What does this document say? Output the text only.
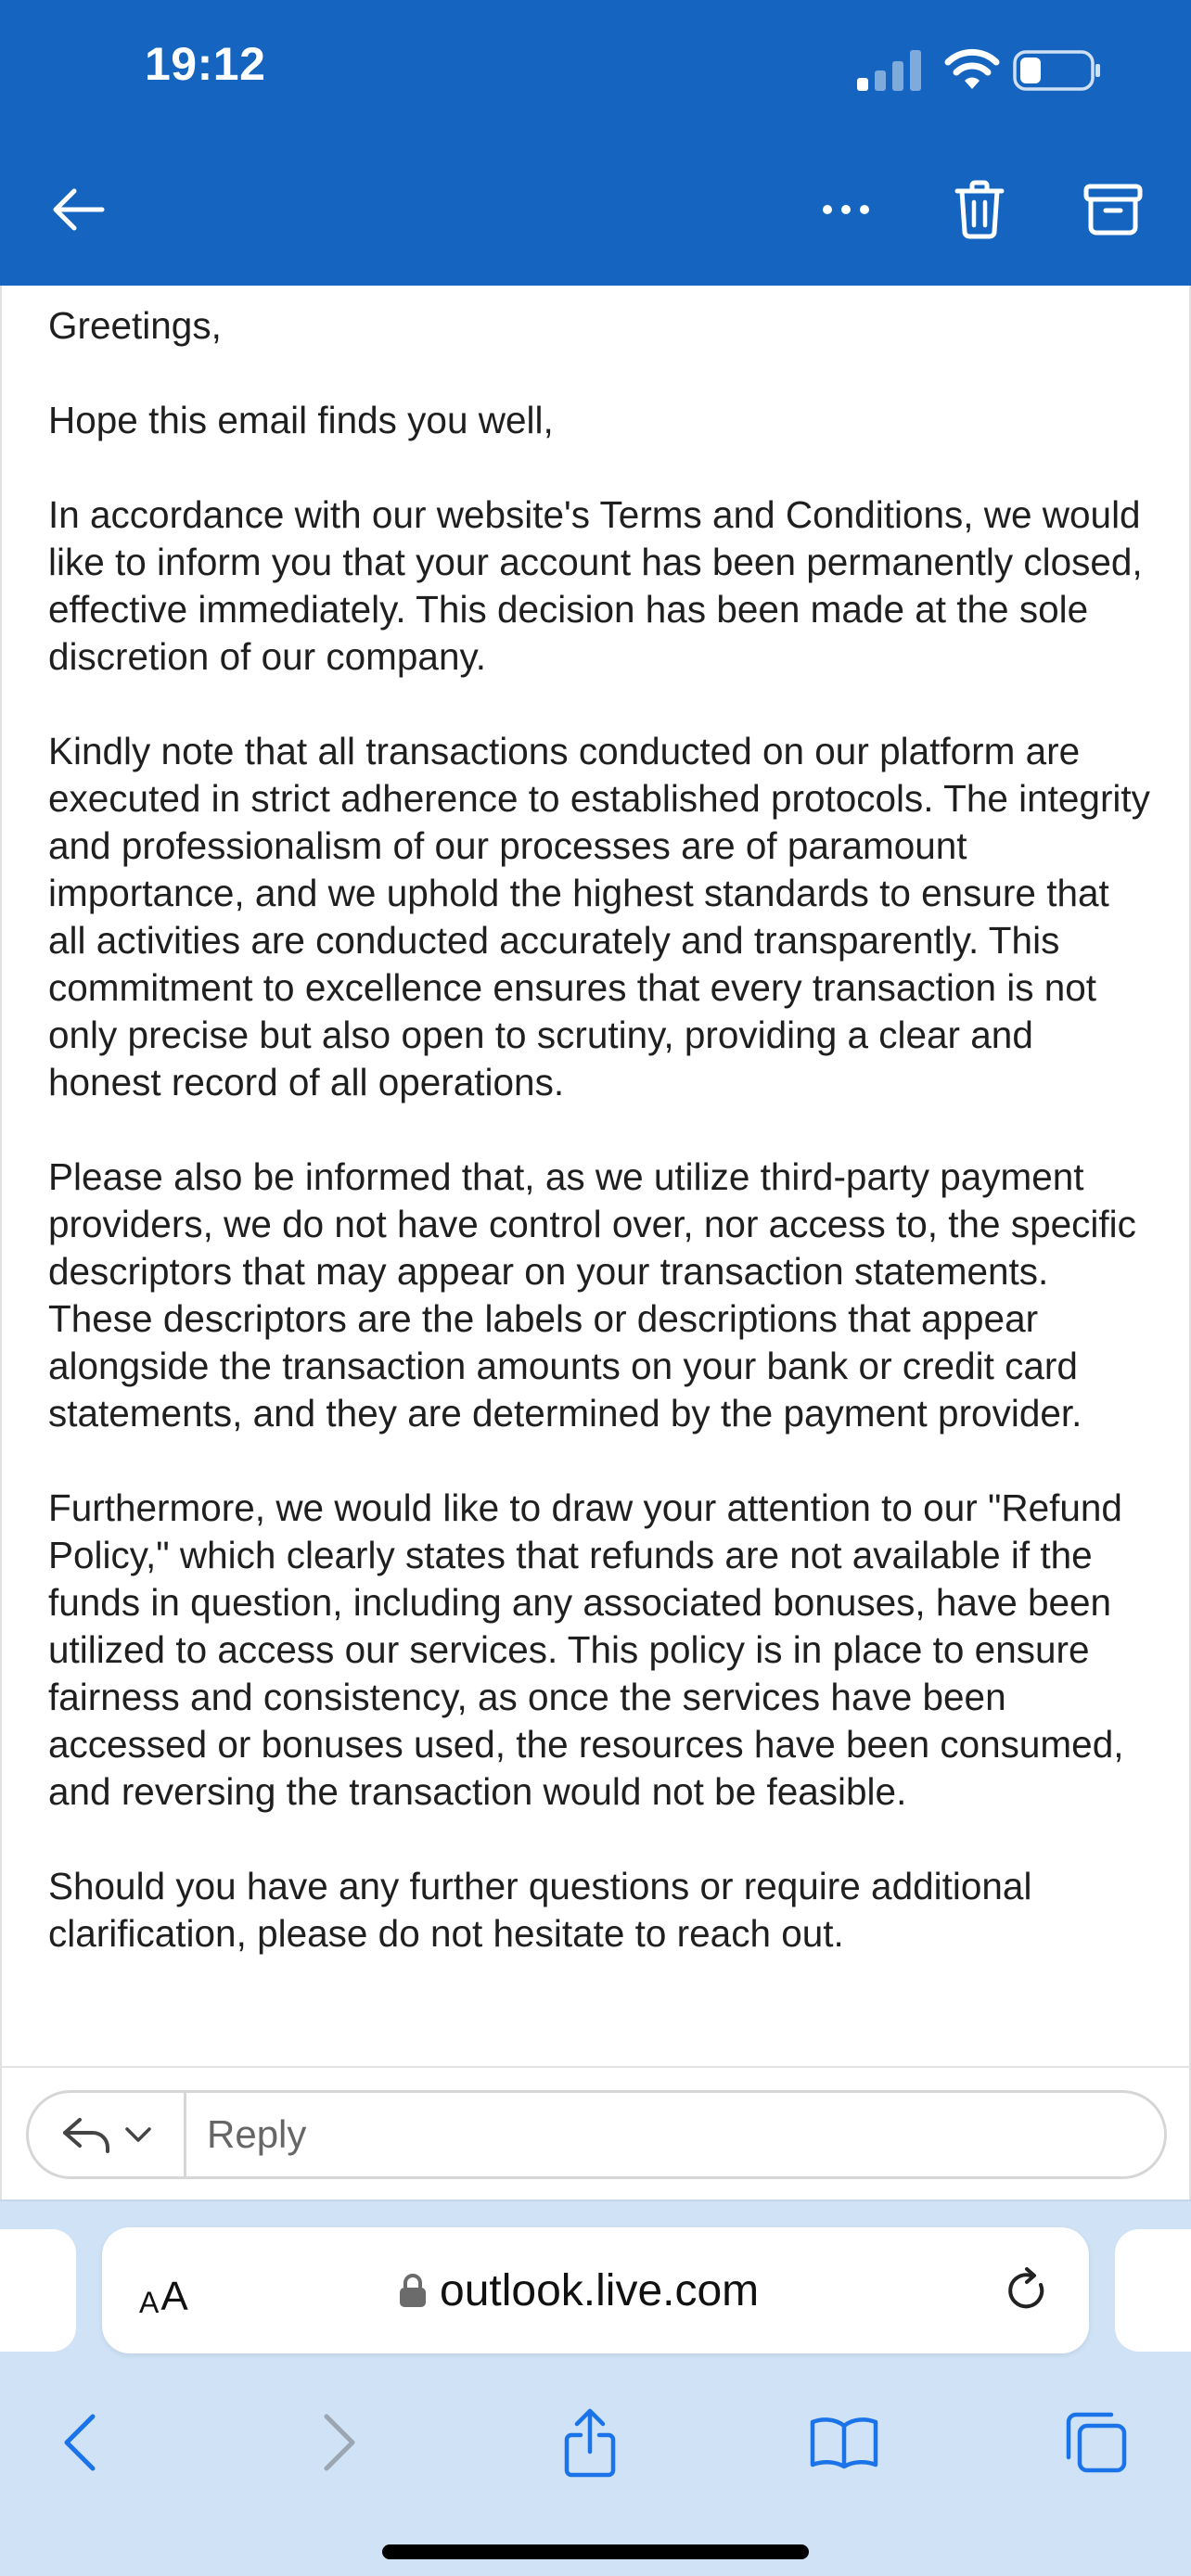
19:12

Greetings,

Hope this email finds you well,

In accordance with our website's Terms and Conditions, we would like to inform you that your account has been permanently closed, effective immediately. This decision has been made at the sole discretion of our company.

Kindly note that all transactions conducted on our platform are executed in strict adherence to established protocols. The integrity and professionalism of our processes are of paramount importance, and we uphold the highest standards to ensure that all activities are conducted accurately and transparently. This commitment to excellence ensures that every transaction is not only precise but also open to scrutiny, providing a clear and honest record of all operations.

Please also be informed that, as we utilize third-party payment providers, we do not have control over, nor access to, the specific descriptors that may appear on your transaction statements. These descriptors are the labels or descriptions that appear alongside the transaction amounts on your bank or credit card statements, and they are determined by the payment provider.

Furthermore, we would like to draw your attention to our "Refund Policy," which clearly states that refunds are not available if the funds in question, including any associated bonuses, have been utilized to access our services. This policy is in place to ensure fairness and consistency, as once the services have been accessed or bonuses used, the resources have been consumed, and reversing the transaction would not be feasible.

Should you have any further questions or require additional clarification, please do not hesitate to reach out.

Reply
A A	outlook.live.com
